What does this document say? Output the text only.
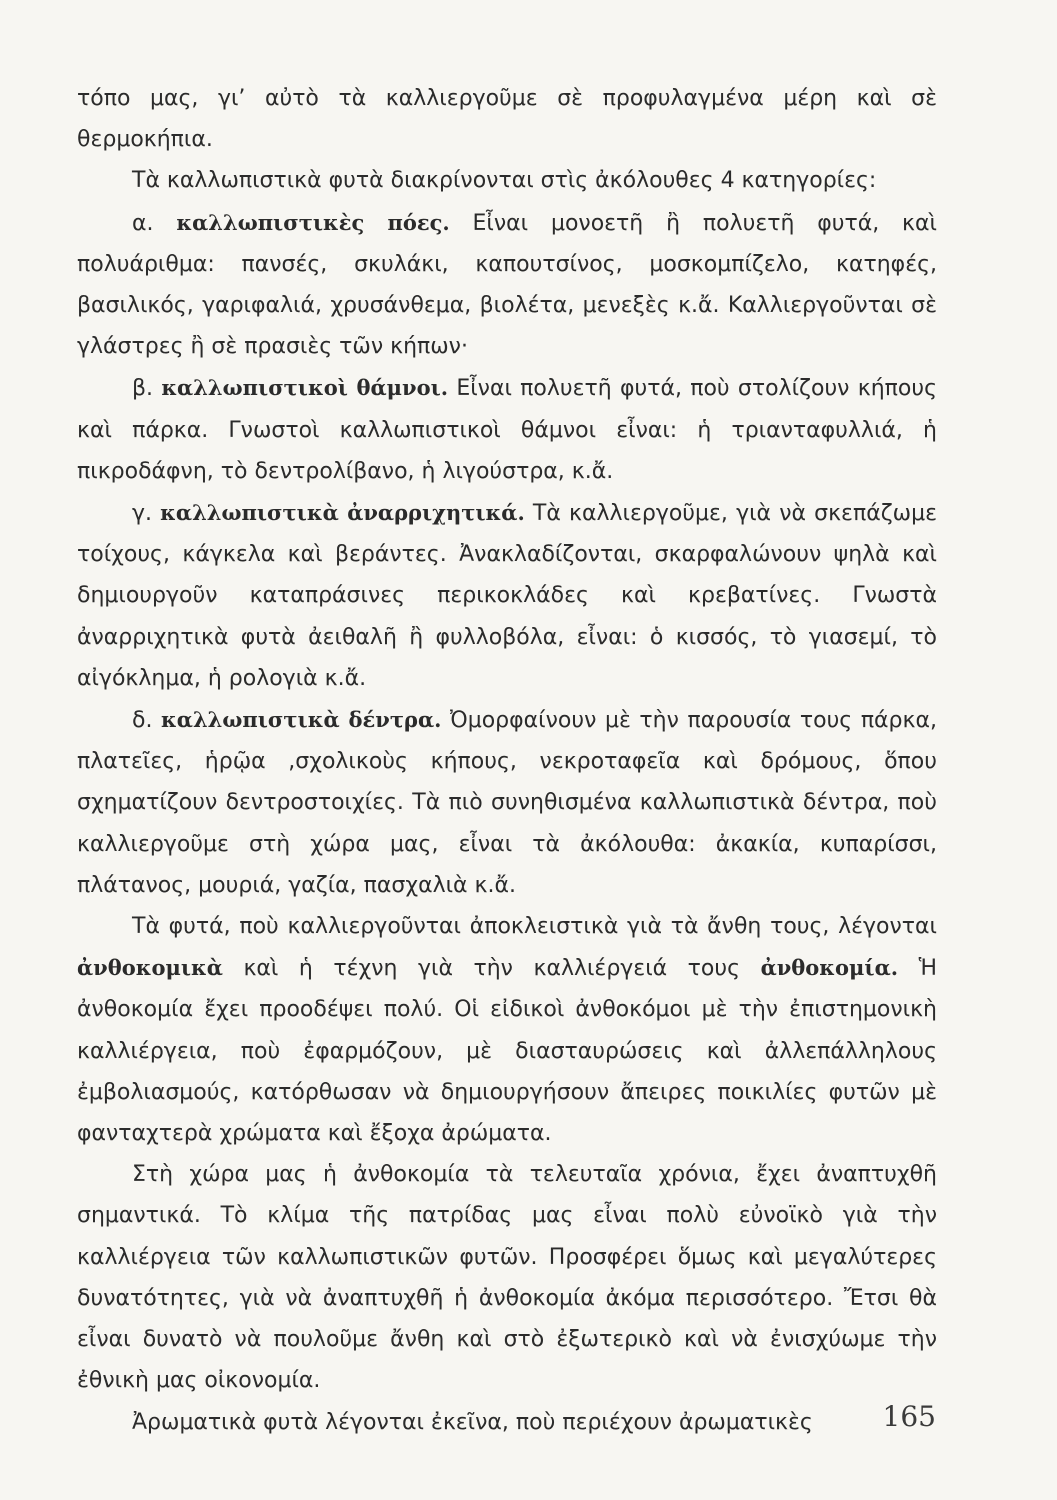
τόπο μας, γι’ αὐτὸ τὰ καλλιεργοῦμε σὲ προφυλαγμένα μέρη καὶ σὲ θερμοκήπια.

Τὰ καλλωπιστικὰ φυτὰ διακρίνονται στὶς ἀκόλουθες 4 κατηγορίες:

α. καλλωπιστικὲς πόες. Εἶναι μονοετῆ ἢ πολυετῆ φυτά, καὶ πολυάριθμα: πανσές, σκυλάκι, καπουτσίνος, μοσκομπίζελο, κατηφές, βασιλικός, γαριφαλιά, χρυσάνθεμα, βιολέτα, μενεξὲς κ.ἄ. Καλλιεργοῦνται σὲ γλάστρες ἢ σὲ πρασιὲς τῶν κήπων·

β. καλλωπιστικοὶ θάμνοι. Εἶναι πολυετῆ φυτά, ποὺ στολίζουν κήπους καὶ πάρκα. Γνωστοὶ καλλωπιστικοὶ θάμνοι εἶναι: ἡ τριανταφυλλιά, ἡ πικροδάφνη, τὸ δεντρολίβανο, ἡ λιγούστρα, κ.ἄ.

γ. καλλωπιστικὰ ἀναρριχητικά. Τὰ καλλιεργοῦμε, γιὰ νὰ σκεπάζωμε τοίχους, κάγκελα καὶ βεράντες. Ἀνακλαδίζονται, σκαρφαλώνουν ψηλὰ καὶ δημιουργοῦν καταπράσινες περικοκλάδες καὶ κρεβατίνες. Γνωστὰ ἀναρριχητικὰ φυτὰ ἀειθαλῆ ἢ φυλλοβόλα, εἶναι: ὁ κισσός, τὸ γιασεμί, τὸ αἰγόκλημα, ἡ ρολογιὰ κ.ἄ.

δ. καλλωπιστικὰ δέντρα. Ὀμορφαίνουν μὲ τὴν παρουσία τους πάρκα, πλατεῖες, ἡρῷα ,σχολικοὺς κήπους, νεκροταφεῖα καὶ δρόμους, ὅπου σχηματίζουν δεντροστοιχίες. Τὰ πιὸ συνηθισμένα καλλωπιστικὰ δέντρα, ποὺ καλλιεργοῦμε στὴ χώρα μας, εἶναι τὰ ἀκόλουθα: ἀκακία, κυπαρίσσι, πλάτανος, μουριά, γαζία, πασχαλιὰ κ.ἄ.

Τὰ φυτά, ποὺ καλλιεργοῦνται ἀποκλειστικὰ γιὰ τὰ ἄνθη τους, λέγονται ἀνθοκομικὰ καὶ ἡ τέχνη γιὰ τὴν καλλιέργειά τους ἀνθοκομία. Ἡ ἀνθοκομία ἔχει προοδέψει πολύ. Οἱ εἰδικοὶ ἀνθοκόμοι μὲ τὴν ἐπιστημονικὴ καλλιέργεια, ποὺ ἐφαρμόζουν, μὲ διασταυρώσεις καὶ ἀλλεπάλληλους ἐμβολιασμούς, κατόρθωσαν νὰ δημιουργήσουν ἄπειρες ποικιλίες φυτῶν μὲ φανταχτερὰ χρώματα καὶ ἔξοχα ἀρώματα.

Στὴ χώρα μας ἡ ἀνθοκομία τὰ τελευταῖα χρόνια, ἔχει ἀναπτυχθῆ σημαντικά. Τὸ κλίμα τῆς πατρίδας μας εἶναι πολὺ εὐνοϊκὸ γιὰ τὴν καλλιέργεια τῶν καλλωπιστικῶν φυτῶν. Προσφέρει ὅμως καὶ μεγαλύτερες δυνατότητες, γιὰ νὰ ἀναπτυχθῆ ἡ ἀνθοκομία ἀκόμα περισσότερο. Ἔτσι θὰ εἶναι δυνατὸ νὰ πουλοῦμε ἄνθη καὶ στὸ ἐξωτερικὸ καὶ νὰ ἐνισχύωμε τὴν ἐθνικὴ μας οἰκονομία.

Ἀρωματικὰ φυτὰ λέγονται ἐκεῖνα, ποὺ περιέχουν ἀρωματικὲς	165
